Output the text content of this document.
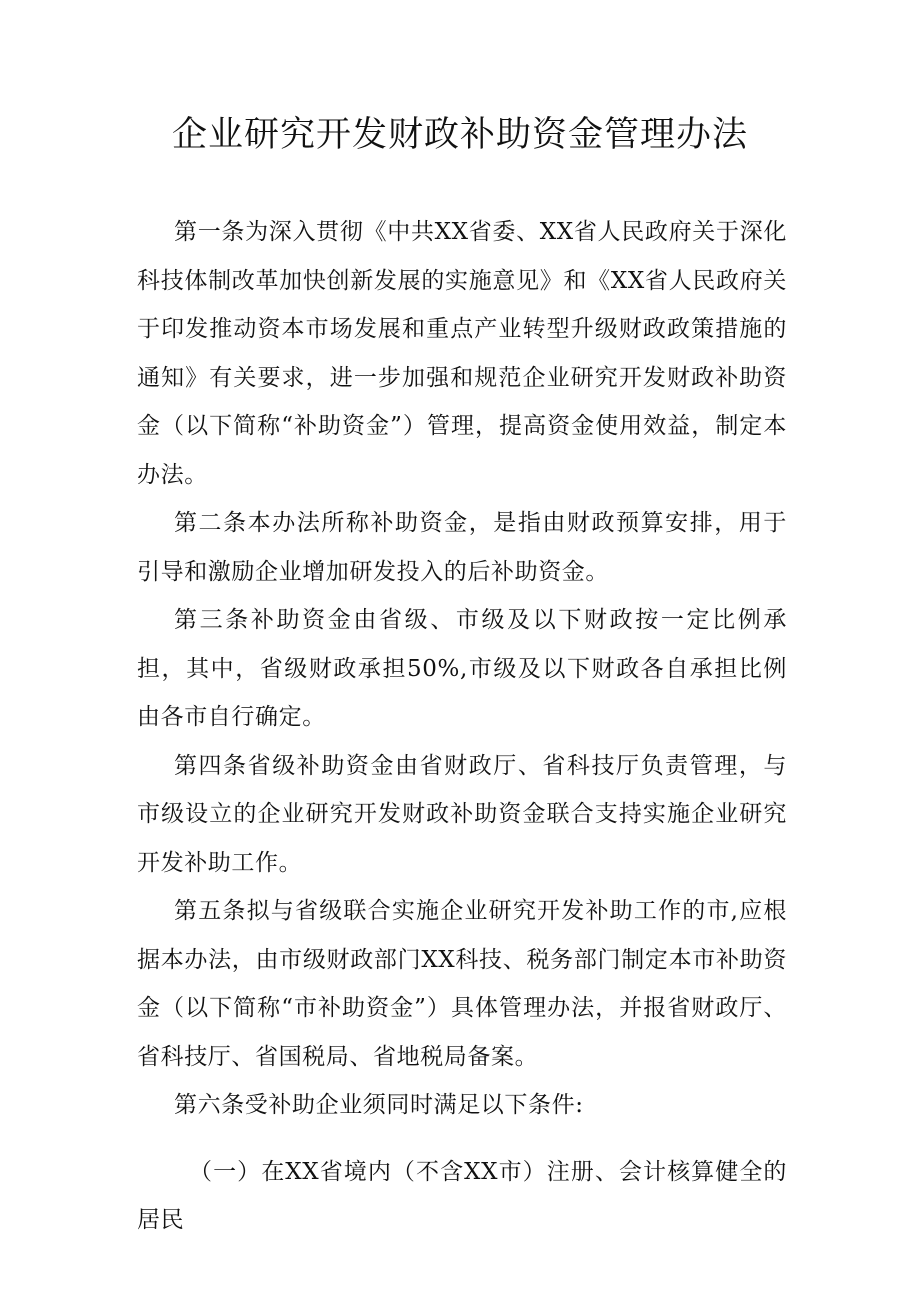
企业研究开发财政补助资金管理办法

第一条为深入贯彻《中共XX省委、XX省人民政府关于深化科技体制改革加快创新发展的实施意见》和《XX省人民政府关于印发推动资本市场发展和重点产业转型升级财政政策措施的通知》有关要求，进一步加强和规范企业研究开发财政补助资金（以下简称“补助资金”）管理，提高资金使用效益，制定本办法。

第二条本办法所称补助资金，是指由财政预算安排，用于引导和激励企业增加研发投入的后补助资金。

第三条补助资金由省级、市级及以下财政按一定比例承担，其中，省级财政承担50%,市级及以下财政各自承担比例由各市自行确定。

第四条省级补助资金由省财政厅、省科技厅负责管理，与市级设立的企业研究开发财政补助资金联合支持实施企业研究开发补助工作。

第五条拟与省级联合实施企业研究开发补助工作的市,应根据本办法，由市级财政部门XX科技、税务部门制定本市补助资金（以下简称“市补助资金”）具体管理办法，并报省财政厅、省科技厅、省国税局、省地税局备案。

第六条受补助企业须同时满足以下条件:

（一）在XX省境内（不含XX市）注册、会计核算健全的居民
